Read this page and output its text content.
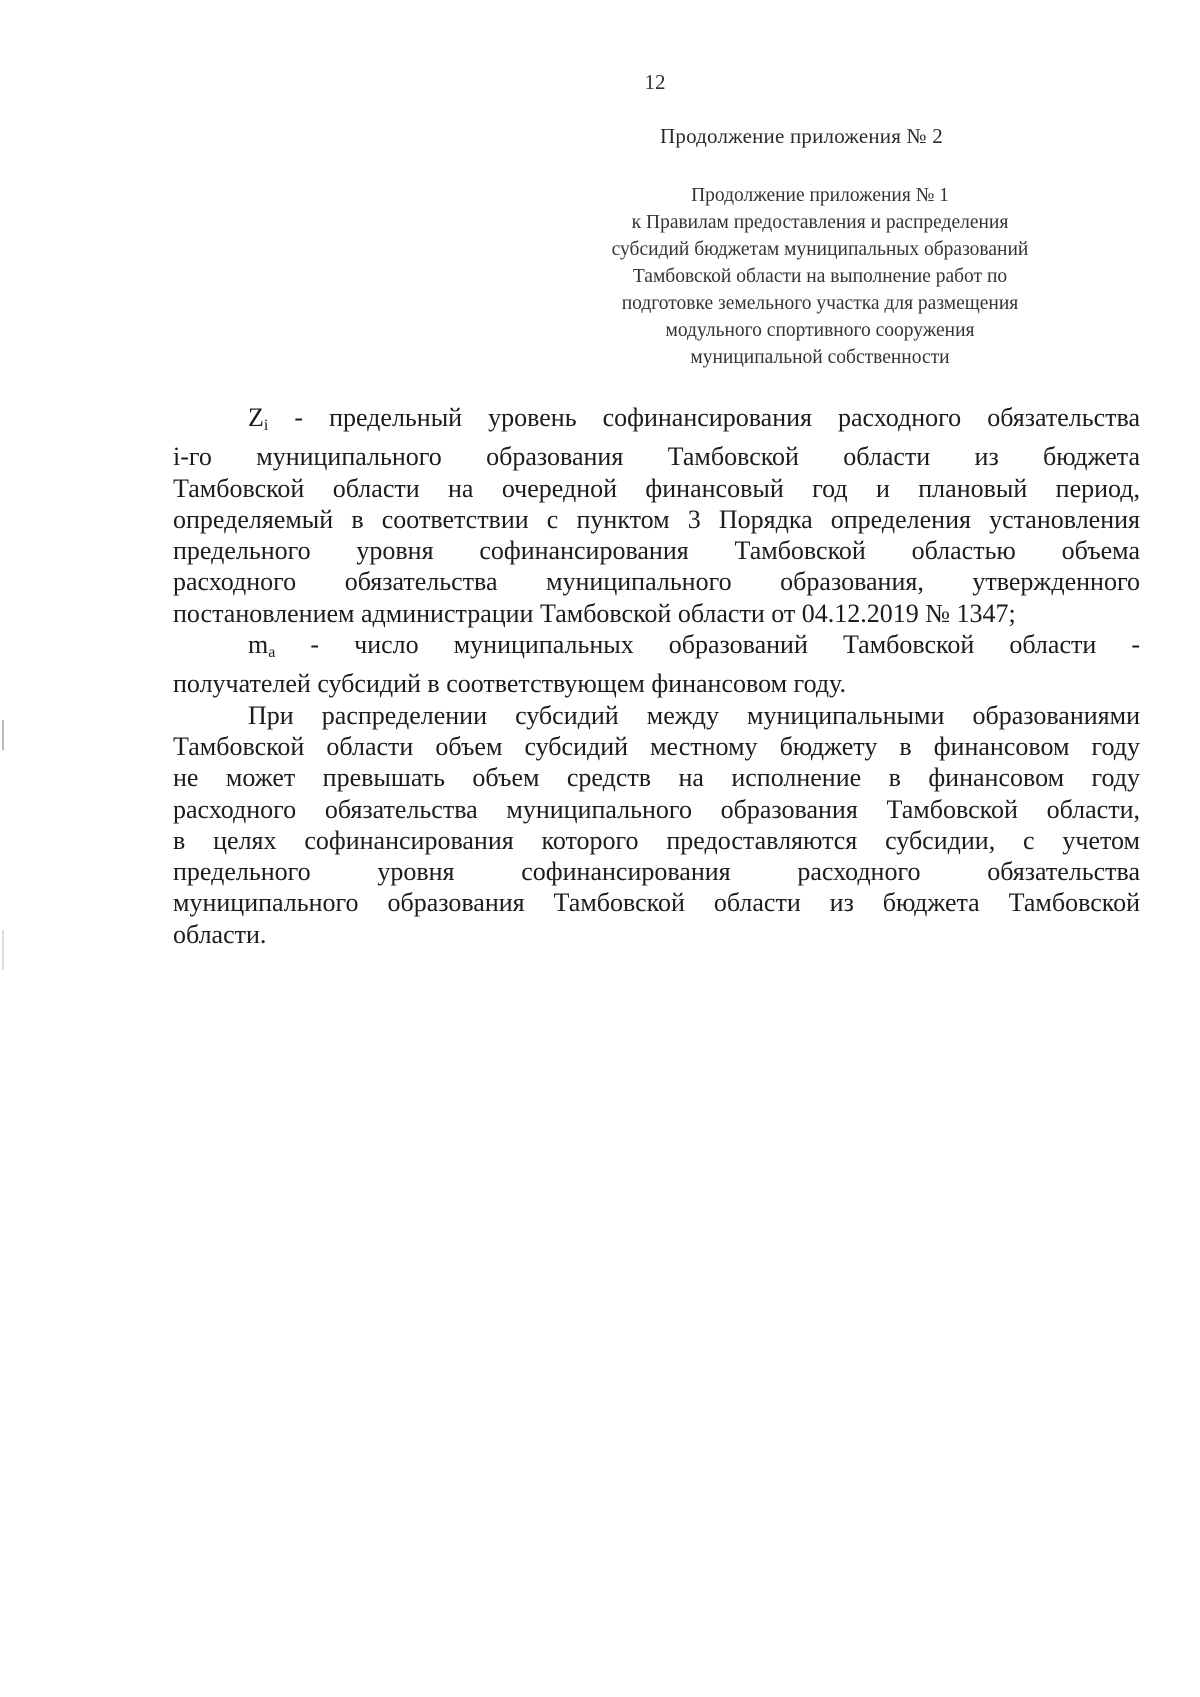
12
Продолжение приложения № 2
Продолжение приложения № 1
к Правилам предоставления и распределения
субсидий бюджетам муниципальных образований
Тамбовской области на выполнение работ по
подготовке земельного участка для размещения
модульного спортивного сооружения
муниципальной собственности
$Z_i$ - предельный уровень софинансирования расходного обязательства
i-го муниципального образования Тамбовской области из бюджета
Тамбовской области на очередной финансовый год и плановый период,
определяемый в соответствии с пунктом 3 Порядка определения установления
предельного уровня софинансирования Тамбовской областью объема
расходного обязательства муниципального образования, утвержденного
постановлением администрации Тамбовской области от 04.12.2019 № 1347;
$m_a$ - число муниципальных образований Тамбовской области -
получателей субсидий в соответствующем финансовом году.
При распределении субсидий между муниципальными образованиями
Тамбовской области объем субсидий местному бюджету в финансовом году
не может превышать объем средств на исполнение в финансовом году
расходного обязательства муниципального образования Тамбовской области,
в целях софинансирования которого предоставляются субсидии, с учетом
предельного уровня софинансирования расходного обязательства
муниципального образования Тамбовской области из бюджета Тамбовской
области.
